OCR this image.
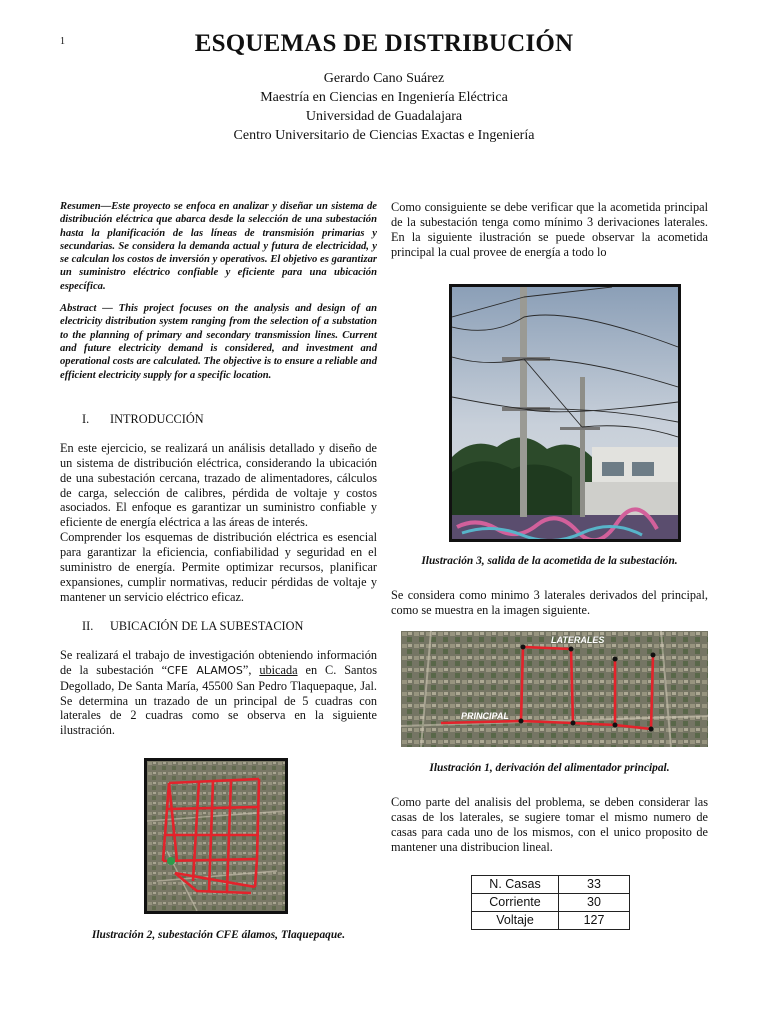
1	ESQUEMAS DE DISTRIBUCIÓN
Gerardo Cano Suárez
Maestría en Ciencias en Ingeniería Eléctrica
Universidad de Guadalajara
Centro Universitario de Ciencias Exactas e Ingeniería

Resumen—Este proyecto se enfoca en analizar y diseñar un sistema de distribución eléctrica que abarca desde la selección de una subestación hasta la planificación de las líneas de transmisión primarias y secundarias. Se considera la demanda actual y futura de electricidad, y se calculan los costos de inversión y operativos. El objetivo es garantizar un suministro eléctrico confiable y eficiente para una ubicación específica.

Abstract — This project focuses on the analysis and design of an electricity distribution system ranging from the selection of a substation to the planning of primary and secondary transmission lines. Current and future electricity demand is considered, and investment and operational costs are calculated. The objective is to ensure a reliable and efficient electricity supply for a specific location.

I. INTRODUCCIÓN

En este ejercicio, se realizará un análisis detallado y diseño de un sistema de distribución eléctrica, considerando la ubicación de una subestación cercana, trazado de alimentadores, cálculos de carga, selección de calibres, pérdida de voltaje y costos asociados. El enfoque es garantizar un suministro confiable y eficiente de energía eléctrica a las áreas de interés.

Comprender los esquemas de distribución eléctrica es esencial para garantizar la eficiencia, confiabilidad y seguridad en el suministro de energía. Permite optimizar recursos, planificar expansiones, cumplir normativas, reducir pérdidas de voltaje y mantener un servicio eléctrico eficaz.

II. UBICACIÓN DE LA SUBESTACION

Se realizará el trabajo de investigación obteniendo información de la subestación “CFE ALAMOS”, ubicada en C. Santos Degollado, De Santa María, 45500 San Pedro Tlaquepaque, Jal. Se determina un trazado de un principal de 5 cuadras con laterales de 2 cuadras como se observa en la siguiente ilustración.

Ilustración 2, subestación CFE álamos, Tlaquepaque.

Como consiguiente se debe verificar que la acometida principal de la subestación tenga como mínimo 3 derivaciones laterales. En la siguiente ilustración se puede observar la acometida principal la cual provee de energía a todo lo

Ilustración 3, salida de la acometida de la subestación.

Se considera como minimo 3 laterales derivados del principal, como se muestra en la imagen siguiente.

LATERALES
PRINCIPAL

Ilustración 1, derivación del alimentador principal.

Como parte del analisis del problema, se deben considerar las casas de los laterales, se sugiere tomar el mismo numero de casas para cada uno de los mismos, con el unico proposito de mantener una distribucion lineal.

N. Casas	33
Corriente	30
Voltaje	127
